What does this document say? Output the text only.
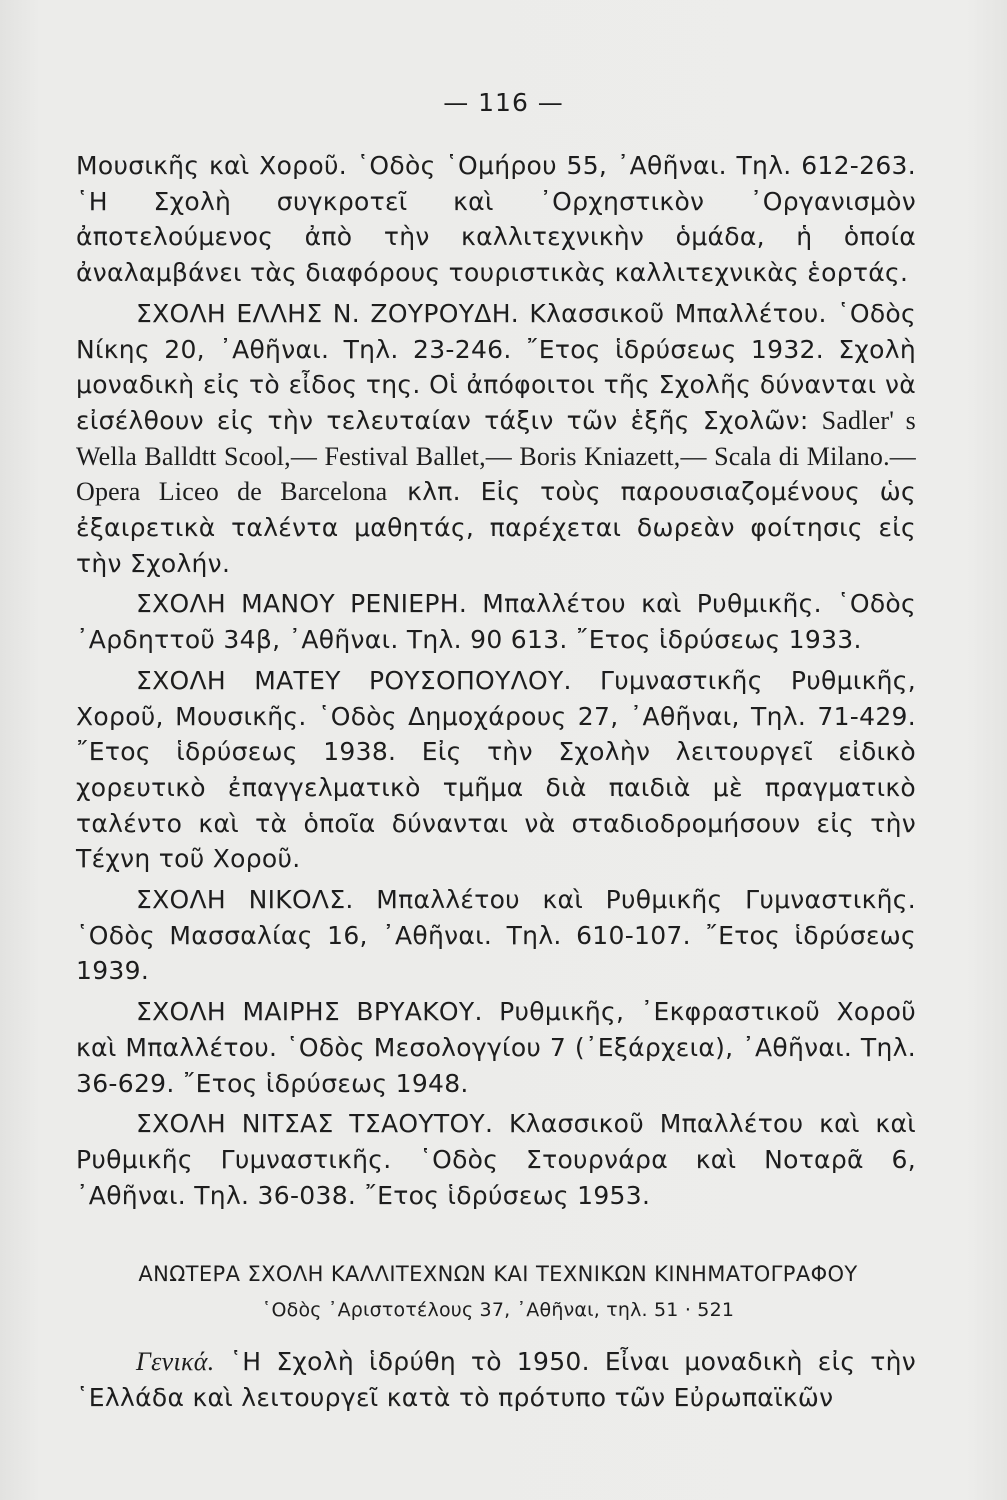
— 116 —

Μουσικῆς καὶ Χοροῦ. ῾Οδὸς ῾Ομήρου 55, ᾿Αθῆναι. Τηλ. 612-263. ῾Η Σχολὴ συγκροτεῖ καὶ ᾿Ορχηστικὸν ᾿Οργανισμὸν ἀποτελούμενος ἀπὸ τὴν καλλιτεχνικὴν ὁμάδα, ἡ ὁποία ἀναλαμβάνει τὰς διαφόρους τουριστικὰς καλλιτεχνικὰς ἑορτάς.

ΣΧΟΛΗ ΕΛΛΗΣ Ν. ΖΟΥΡΟΥΔΗ. Κλασσικοῦ Μπαλλέτου. ῾Οδὸς Νίκης 20, ᾿Αθῆναι. Τηλ. 23-246. ῎Ετος ἱδρύσεως 1932. Σχολὴ μοναδικὴ εἰς τὸ εἶδος της. Οἱ ἀπόφοιτοι τῆς Σχολῆς δύνανται νὰ εἰσέλθουν εἰς τὴν τελευταίαν τάξιν τῶν ἑξῆς Σχολῶν: Sadler' s Wella Balldtt Scool,— Festival Ballet,— Boris Kniazett,— Scala di Milano.— Opera Liceo de Barcelona κλπ. Εἰς τοὺς παρουσιαζομένους ὡς ἐξαιρετικὰ ταλέντα μαθητάς, παρέχεται δωρεὰν φοίτησις εἰς τὴν Σχολήν.

ΣΧΟΛΗ ΜΑΝΟΥ ΡΕΝΙΕΡΗ. Μπαλλέτου καὶ Ρυθμικῆς. ῾Οδὸς ᾿Αρδηττοῦ 34β, ᾿Αθῆναι. Τηλ. 90 613. ῎Ετος ἱδρύσεως 1933.

ΣΧΟΛΗ ΜΑΤΕΥ ΡΟΥΣΟΠΟΥΛΟΥ. Γυμναστικῆς Ρυθμικῆς, Χοροῦ, Μουσικῆς. ῾Οδὸς Δημοχάρους 27, ᾿Αθῆναι, Τηλ. 71-429. ῎Ετος ἱδρύσεως 1938. Εἰς τὴν Σχολὴν λειτουργεῖ εἰδικὸ χορευτικὸ ἐπαγγελματικὸ τμῆμα διὰ παιδιὰ μὲ πραγματικὸ ταλέντο καὶ τὰ ὁποῖα δύνανται νὰ σταδιοδρομήσουν εἰς τὴν Τέχνη τοῦ Χοροῦ.

ΣΧΟΛΗ ΝΙΚΟΛΣ. Μπαλλέτου καὶ Ρυθμικῆς Γυμναστικῆς. ῾Οδὸς Μασσαλίας 16, ᾿Αθῆναι. Τηλ. 610-107. ῎Ετος ἱδρύσεως 1939.

ΣΧΟΛΗ ΜΑΙΡΗΣ ΒΡΥΑΚΟΥ. Ρυθμικῆς, ᾿Εκφραστικοῦ Χοροῦ καὶ Μπαλλέτου. ῾Οδὸς Μεσολογγίου 7 (᾿Εξάρχεια), ᾿Αθῆναι. Τηλ. 36-629. ῎Ετος ἱδρύσεως 1948.

ΣΧΟΛΗ ΝΙΤΣΑΣ ΤΣΑΟΥΤΟΥ. Κλασσικοῦ Μπαλλέτου καὶ καὶ Ρυθμικῆς Γυμναστικῆς. ῾Οδὸς Στουρνάρα καὶ Νοταρᾶ 6, ᾿Αθῆναι. Τηλ. 36-038. ῎Ετος ἱδρύσεως 1953.

ΑΝΩΤΕΡΑ ΣΧΟΛΗ ΚΑΛΛΙΤΕΧΝΩΝ ΚΑΙ ΤΕΧΝΙΚΩΝ ΚΙΝΗΜΑΤΟΓΡΑΦΟΥ
῾Οδὸς ᾿Αριστοτέλους 37, ᾿Αθῆναι, τηλ. 51 · 521

Γενικά. ῾Η Σχολὴ ἱδρύθη τὸ 1950. Εἶναι μοναδικὴ εἰς τὴν ῾Ελλάδα καὶ λειτουργεῖ κατὰ τὸ πρότυπο τῶν Εὐρωπαϊκῶν
